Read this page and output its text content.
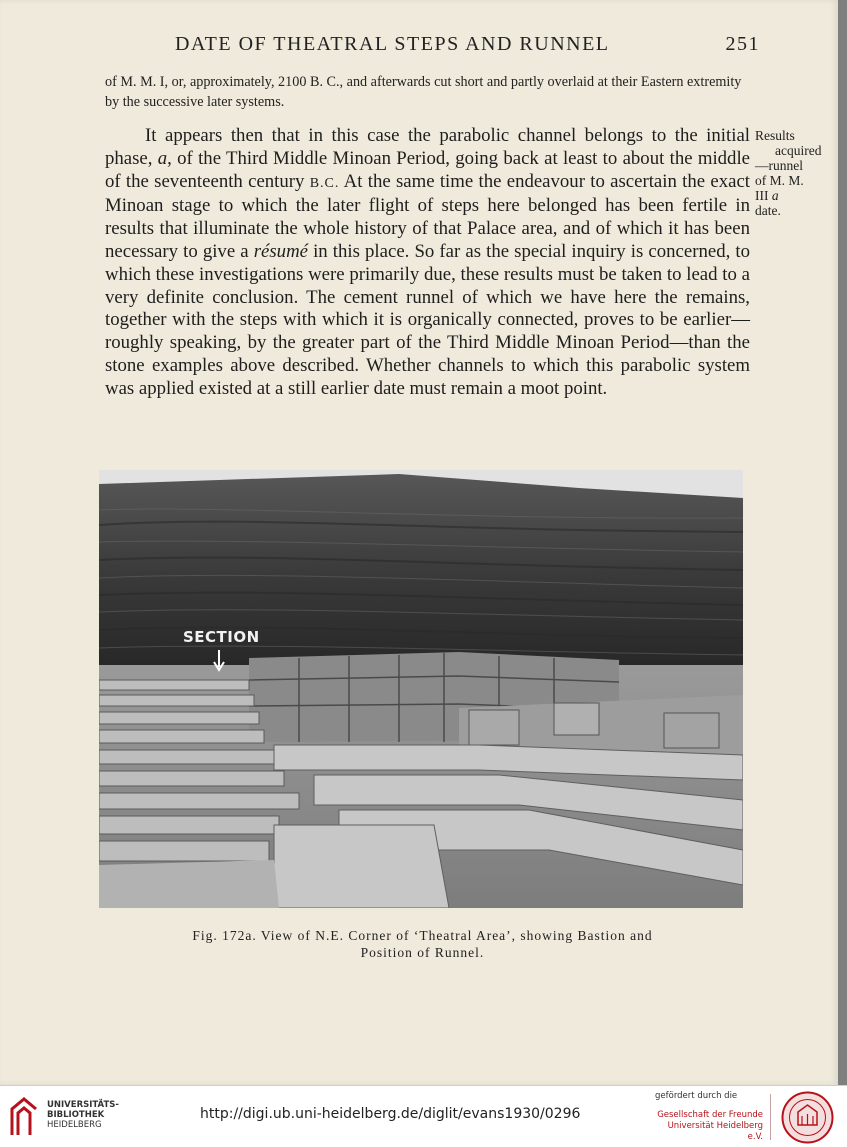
DATE OF THEATRAL STEPS AND RUNNEL	251
of M. M. I, or, approximately, 2100 B. C., and afterwards cut short and partly overlaid at their Eastern extremity by the successive later systems.

It appears then that in this case the parabolic channel belongs to the initial phase, a, of the Third Middle Minoan Period, going back at least to about the middle of the seventeenth century B.C. At the same time the endeavour to ascertain the exact Minoan stage to which the later flight of steps here belonged has been fertile in results that illuminate the whole history of that Palace area, and of which it has been necessary to give a résumé in this place. So far as the special inquiry is concerned, to which these investigations were primarily due, these results must be taken to lead to a very definite conclusion. The cement runnel of which we have here the remains, together with the steps with which it is organically connected, proves to be earlier—roughly speaking, by the greater part of the Third Middle Minoan Period—than the stone examples above described. Whether channels to which this parabolic system was applied existed at a still earlier date must remain a moot point.

Results
acquired
—runnel
of M. M.
III a
date.
SECTION
Fig. 172a. View of N.E. Corner of ‘Theatral Area’, showing Bastion and
Position of Runnel.
UNIVERSITÄTS-
BIBLIOTHEK
HEIDELBERG
http://digi.ub.uni-heidelberg.de/diglit/evans1930/0296
gefördert durch die
Gesellschaft der Freunde
Universität Heidelberg e.V.
